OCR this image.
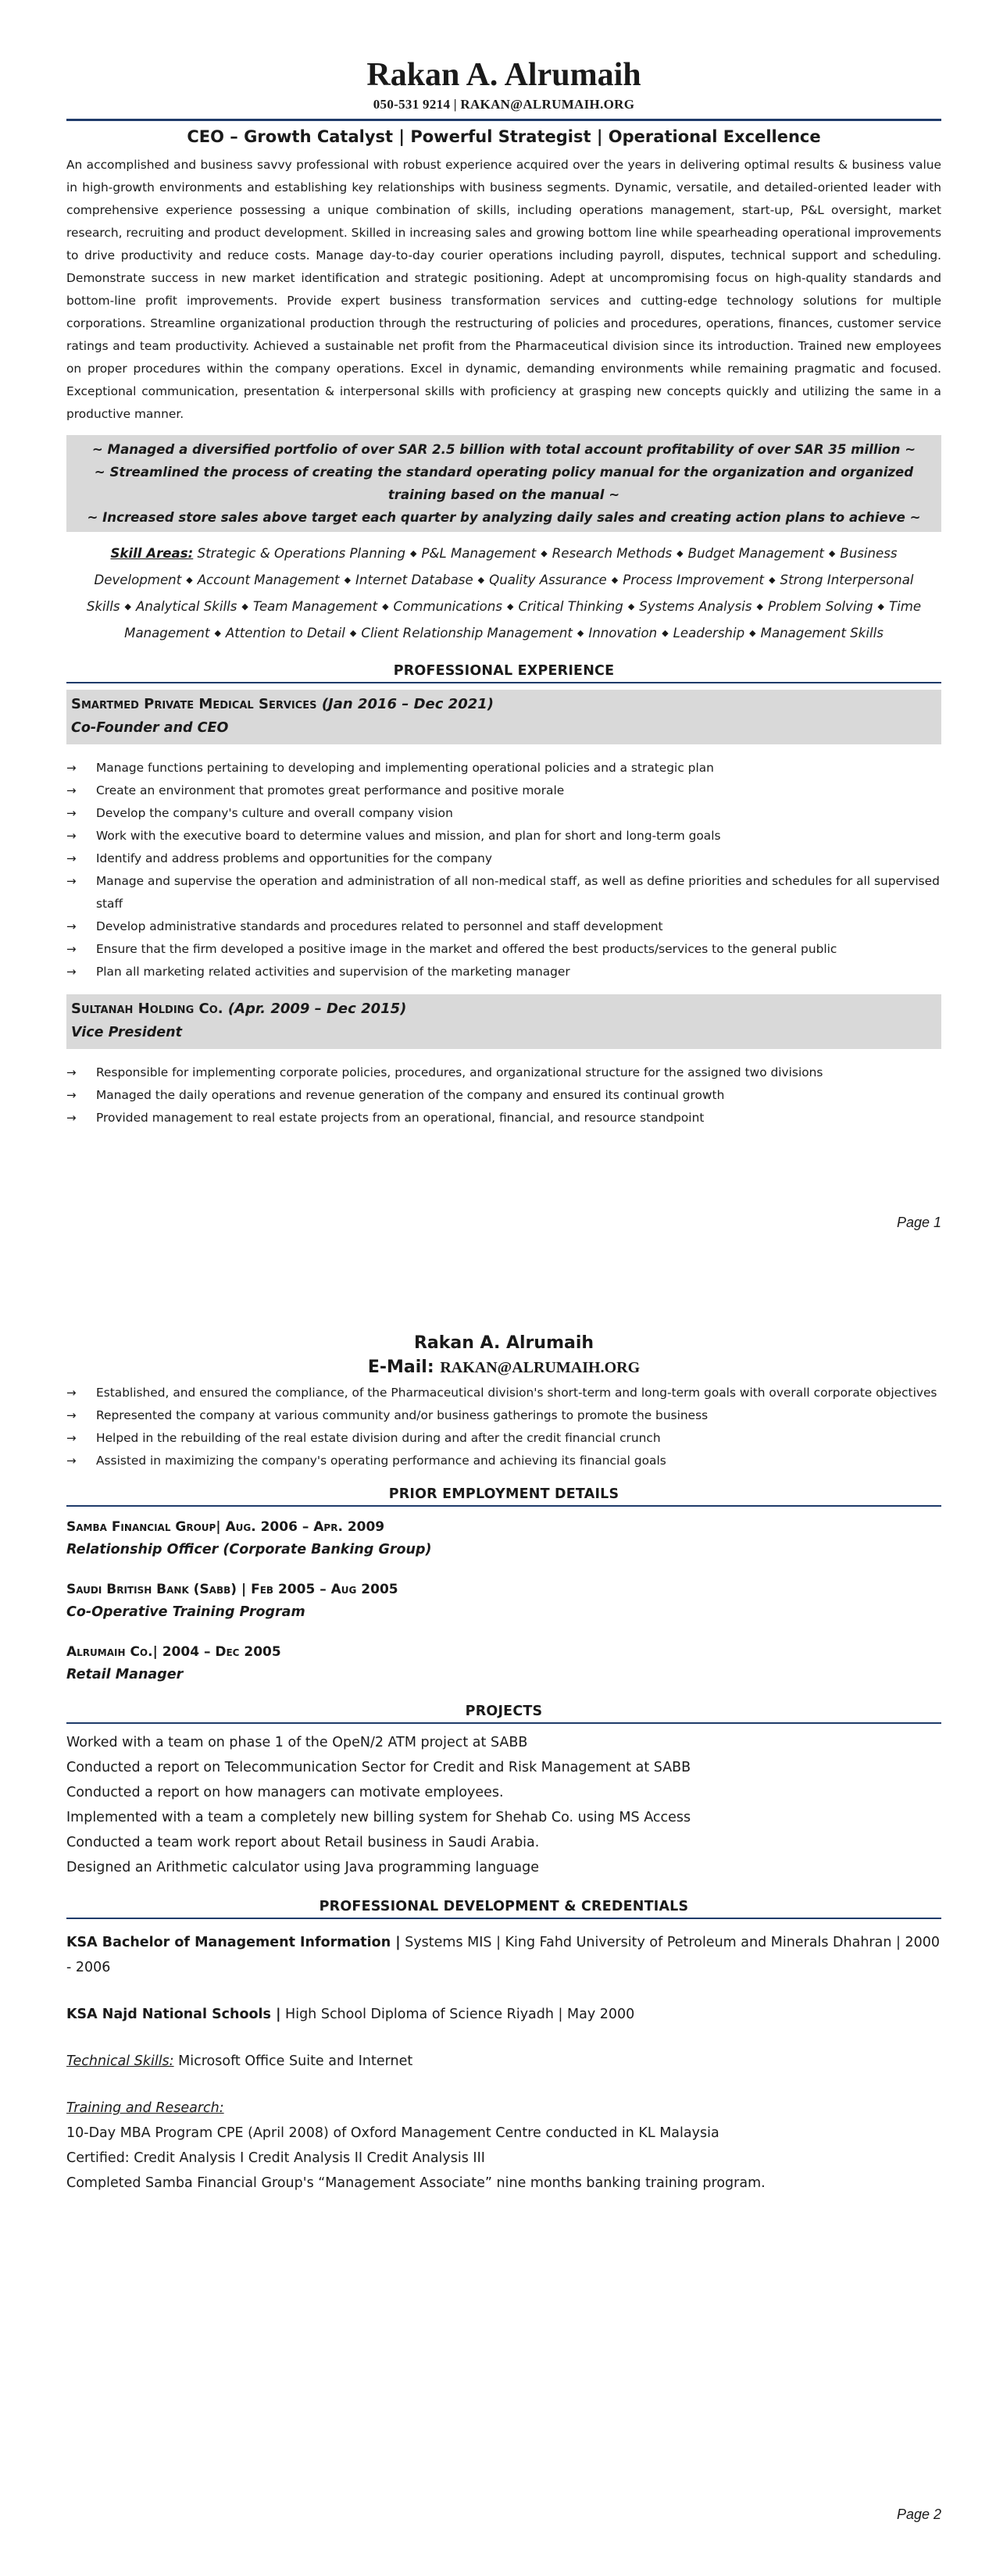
Rakan A. Alrumaih
050-531 9214 | RAKAN@ALRUMAIH.ORG
CEO – Growth Catalyst | Powerful Strategist | Operational Excellence
An accomplished and business savvy professional with robust experience acquired over the years in delivering optimal results & business value in high-growth environments and establishing key relationships with business segments. Dynamic, versatile, and detailed-oriented leader with comprehensive experience possessing a unique combination of skills, including operations management, start-up, P&L oversight, market research, recruiting and product development. Skilled in increasing sales and growing bottom line while spearheading operational improvements to drive productivity and reduce costs. Manage day-to-day courier operations including payroll, disputes, technical support and scheduling. Demonstrate success in new market identification and strategic positioning. Adept at uncompromising focus on high-quality standards and bottom-line profit improvements. Provide expert business transformation services and cutting-edge technology solutions for multiple corporations. Streamline organizational production through the restructuring of policies and procedures, operations, finances, customer service ratings and team productivity. Achieved a sustainable net profit from the Pharmaceutical division since its introduction. Trained new employees on proper procedures within the company operations. Excel in dynamic, demanding environments while remaining pragmatic and focused. Exceptional communication, presentation & interpersonal skills with proficiency at grasping new concepts quickly and utilizing the same in a productive manner.
~ Managed a diversified portfolio of over SAR 2.5 billion with total account profitability of over SAR 35 million ~
~ Streamlined the process of creating the standard operating policy manual for the organization and organized training based on the manual ~
~ Increased store sales above target each quarter by analyzing daily sales and creating action plans to achieve ~
Skill Areas: Strategic & Operations Planning ◆ P&L Management ◆ Research Methods ◆ Budget Management ◆ Business Development ◆ Account Management ◆ Internet Database ◆ Quality Assurance ◆ Process Improvement ◆ Strong Interpersonal Skills ◆ Analytical Skills ◆ Team Management ◆ Communications ◆ Critical Thinking ◆ Systems Analysis ◆ Problem Solving ◆ Time Management ◆ Attention to Detail ◆ Client Relationship Management ◆ Innovation ◆ Leadership ◆ Management Skills
PROFESSIONAL EXPERIENCE
Smartmed Private Medical Services (Jan 2016 – Dec 2021)
Co-Founder and CEO
→ Manage functions pertaining to developing and implementing operational policies and a strategic plan
→ Create an environment that promotes great performance and positive morale
→ Develop the company's culture and overall company vision
→ Work with the executive board to determine values and mission, and plan for short and long-term goals
→ Identify and address problems and opportunities for the company
→ Manage and supervise the operation and administration of all non-medical staff, as well as define priorities and schedules for all supervised staff
→ Develop administrative standards and procedures related to personnel and staff development
→ Ensure that the firm developed a positive image in the market and offered the best products/services to the general public
→ Plan all marketing related activities and supervision of the marketing manager
Sultanah Holding Co. (Apr. 2009 – Dec 2015)
Vice President
→ Responsible for implementing corporate policies, procedures, and organizational structure for the assigned two divisions
→ Managed the daily operations and revenue generation of the company and ensured its continual growth
→ Provided management to real estate projects from an operational, financial, and resource standpoint
Page 1
Rakan A. Alrumaih
E-Mail: RAKAN@ALRUMAIH.ORG
→ Established, and ensured the compliance, of the Pharmaceutical division's short-term and long-term goals with overall corporate objectives
→ Represented the company at various community and/or business gatherings to promote the business
→ Helped in the rebuilding of the real estate division during and after the credit financial crunch
→ Assisted in maximizing the company's operating performance and achieving its financial goals
PRIOR EMPLOYMENT DETAILS
Samba Financial Group| Aug. 2006 – Apr. 2009
Relationship Officer (Corporate Banking Group)
Saudi British Bank (Sabb) | Feb 2005 – Aug 2005
Co-Operative Training Program
Alrumaih Co.| 2004 – Dec 2005
Retail Manager
PROJECTS
Worked with a team on phase 1 of the OpeN/2 ATM project at SABB
Conducted a report on Telecommunication Sector for Credit and Risk Management at SABB
Conducted a report on how managers can motivate employees.
Implemented with a team a completely new billing system for Shehab Co. using MS Access
Conducted a team work report about Retail business in Saudi Arabia.
Designed an Arithmetic calculator using Java programming language
PROFESSIONAL DEVELOPMENT & CREDENTIALS
KSA Bachelor of Management Information | Systems MIS | King Fahd University of Petroleum and Minerals Dhahran | 2000 - 2006
KSA Najd National Schools | High School Diploma of Science Riyadh | May 2000
Technical Skills: Microsoft Office Suite and Internet
Training and Research:
10-Day MBA Program CPE (April 2008) of Oxford Management Centre conducted in KL Malaysia
Certified: Credit Analysis I Credit Analysis II Credit Analysis III
Completed Samba Financial Group's “Management Associate” nine months banking training program.
Page 2
